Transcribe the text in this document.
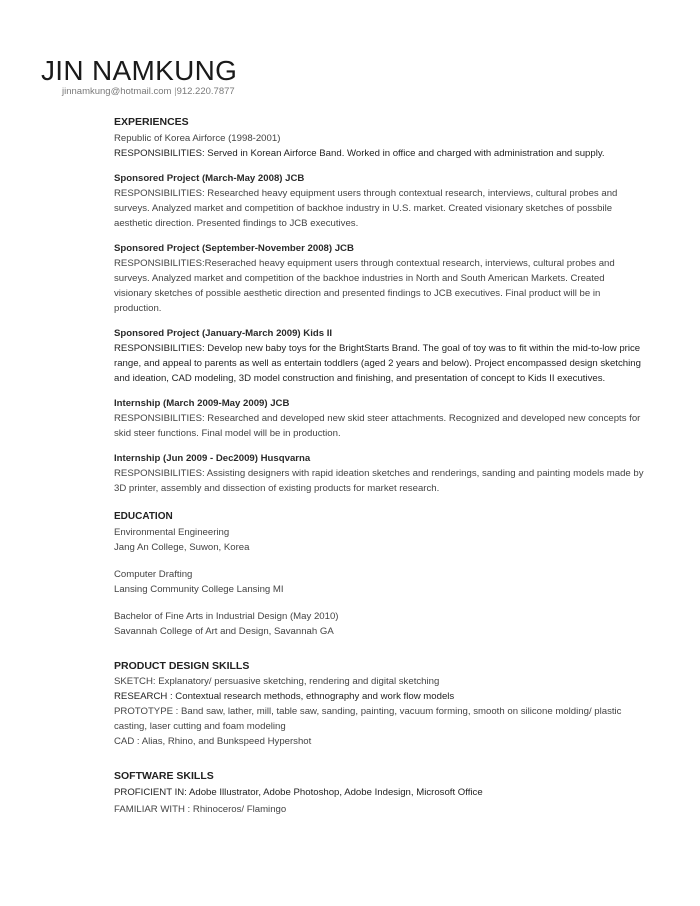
JIN NAMKUNG
jinnamkung@hotmail.com |912.220.7877

EXPERIENCES

Republic of Korea Airforce (1998-2001)

RESPONSIBILITIES: Served in Korean Airforce Band. Worked in office and charged with administration and supply.

Sponsored Project (March-May 2008) JCB

RESPONSIBILITIES: Researched heavy equipment users through contextual research, interviews, cultural probes and surveys. Analyzed market and competition of backhoe industry in U.S. market. Created visionary sketches of possbile aesthetic direction. Presented findings to JCB executives.

Sponsored Project (September-November 2008) JCB

RESPONSIBILITIES:Reserached heavy equipment users through contextual research, interviews, cultural probes and surveys. Analyzed market and competition of the backhoe industries in North and South American Markets. Created visionary sketches of possible aesthetic direction and presented findings to JCB executives. Final product will be in production.

Sponsored Project (January-March 2009) Kids II

RESPONSIBILITIES: Develop new baby toys for the BrightStarts Brand. The goal of toy was to fit within the mid-to-low price range, and appeal to parents as well as entertain toddlers (aged 2 years and below). Project encompassed design sketching and ideation, CAD modeling, 3D model construction and finishing, and presentation of concept to Kids II executives.

Internship (March 2009-May 2009) JCB

RESPONSIBILITIES: Researched and developed new skid steer attachments. Recognized and developed new concepts for skid steer functions. Final model will be in production.

Internship (Jun 2009 - Dec2009) Husqvarna

RESPONSIBILITIES: Assisting designers with rapid ideation sketches and renderings, sanding and painting models made by 3D printer, assembly and dissection of existing products for market research.

EDUCATION

Environmental Engineering

Jang An College, Suwon, Korea

Computer Drafting

Lansing Community College Lansing MI

Bachelor of Fine Arts in Industrial Design (May 2010)

Savannah College of Art and Design, Savannah GA

PRODUCT DESIGN SKILLS

SKETCH: Explanatory/ persuasive sketching, rendering and digital sketching

RESEARCH : Contextual research methods, ethnography and work flow models

PROTOTYPE : Band saw, lather, mill, table saw, sanding, painting, vacuum forming, smooth on silicone molding/ plastic casting, laser cutting and foam modeling

CAD : Alias, Rhino, and Bunkspeed Hypershot

SOFTWARE SKILLS

PROFICIENT IN: Adobe Illustrator, Adobe Photoshop, Adobe Indesign, Microsoft Office

FAMILIAR WITH : Rhinoceros/ Flamingo
